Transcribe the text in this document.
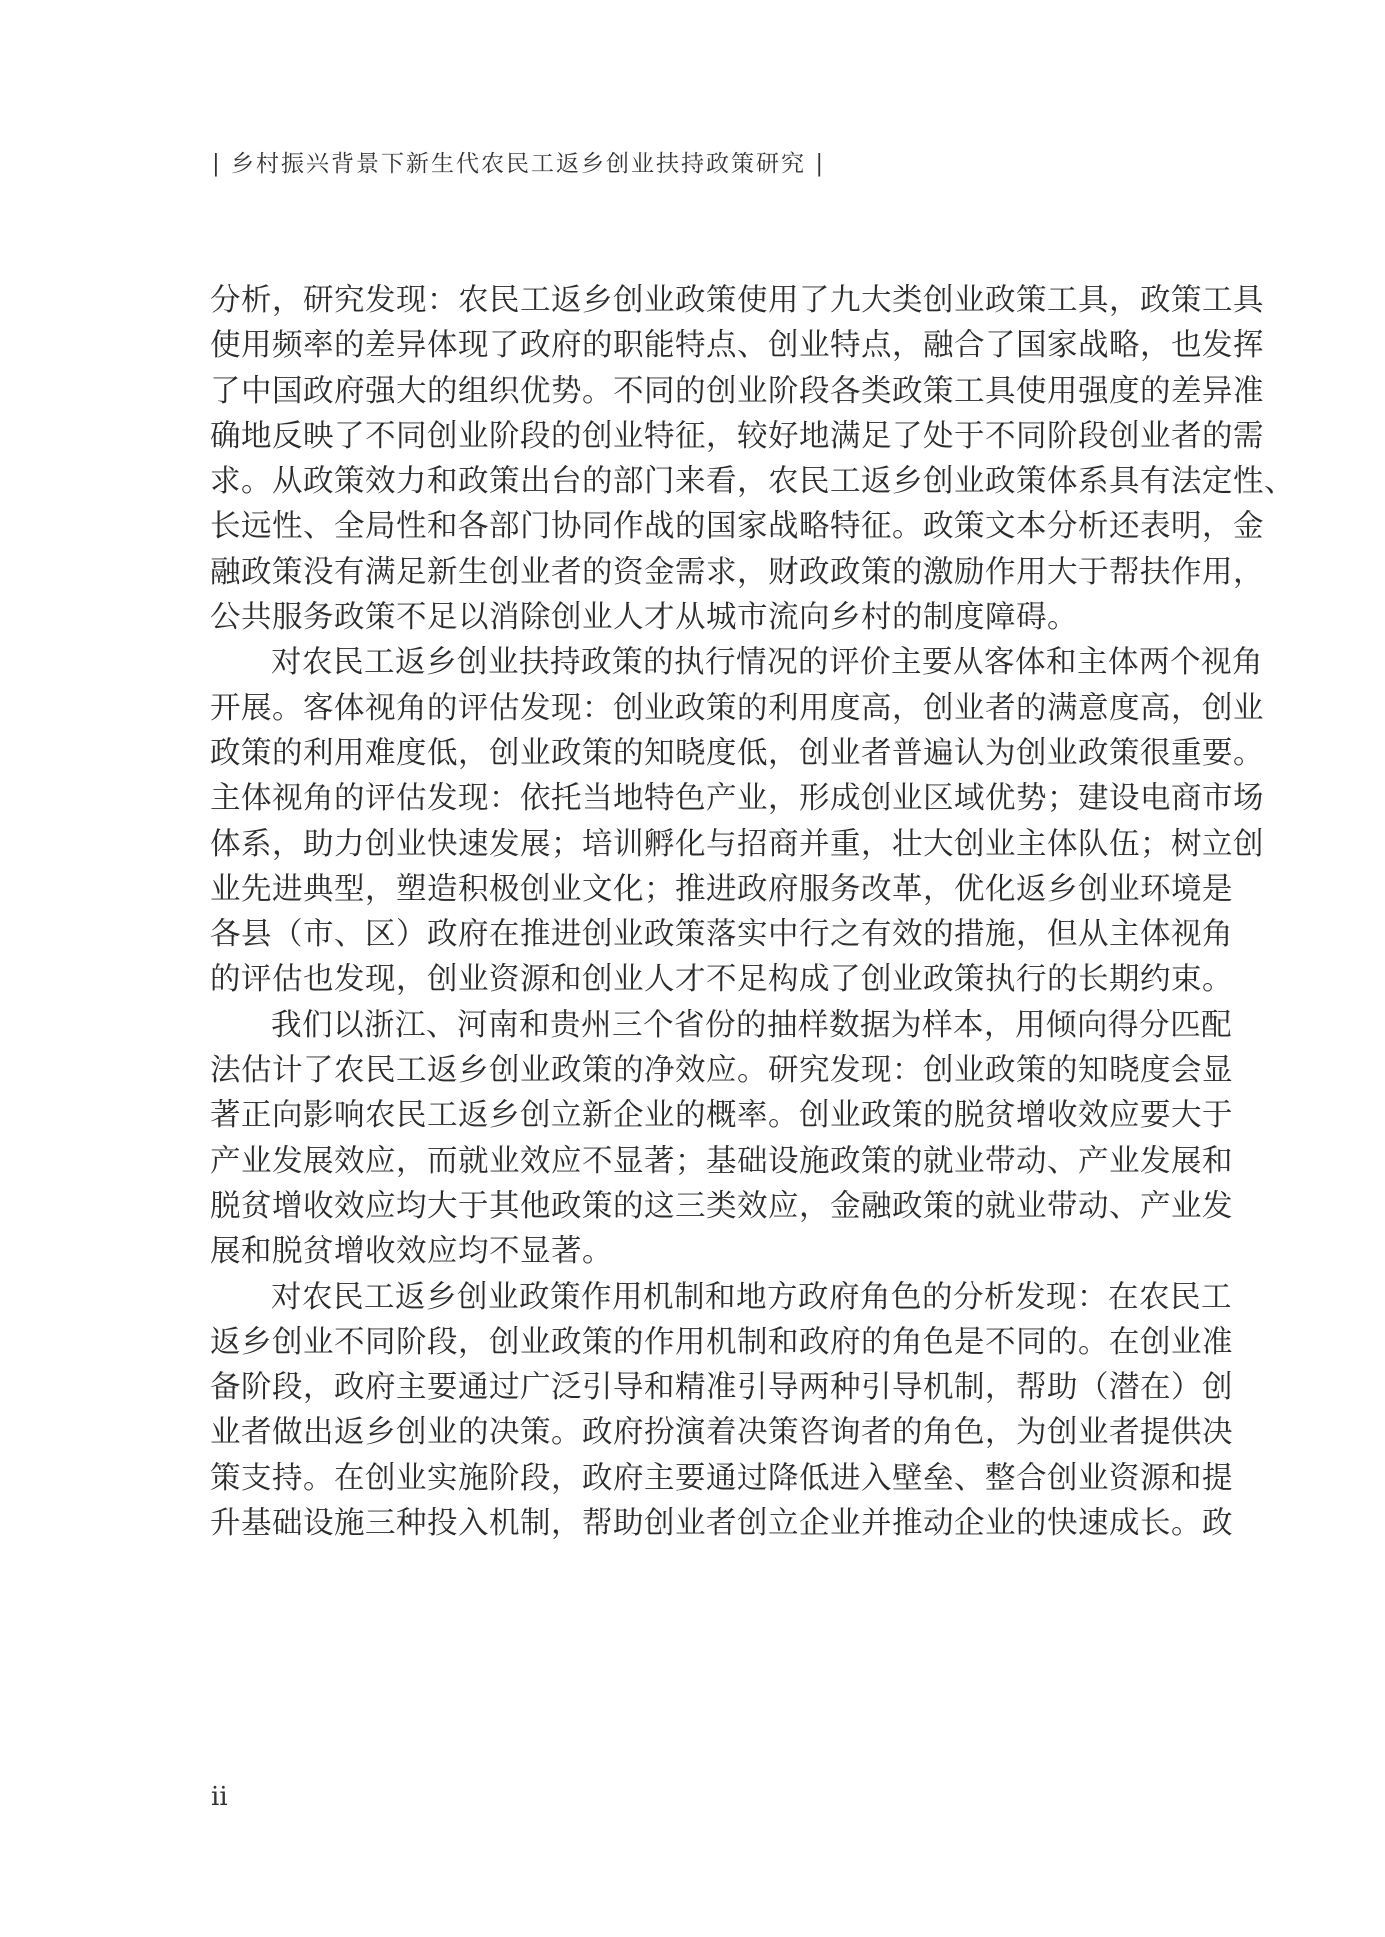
| 乡村振兴背景下新生代农民工返乡创业扶持政策研究 |
分析，研究发现：农民工返乡创业政策使用了九大类创业政策工具，政策工具
使用频率的差异体现了政府的职能特点、创业特点，融合了国家战略，也发挥
了中国政府强大的组织优势。不同的创业阶段各类政策工具使用强度的差异准
确地反映了不同创业阶段的创业特征，较好地满足了处于不同阶段创业者的需
求。从政策效力和政策出台的部门来看，农民工返乡创业政策体系具有法定性、
长远性、全局性和各部门协同作战的国家战略特征。政策文本分析还表明，金
融政策没有满足新生创业者的资金需求，财政政策的激励作用大于帮扶作用，
公共服务政策不足以消除创业人才从城市流向乡村的制度障碍。
对农民工返乡创业扶持政策的执行情况的评价主要从客体和主体两个视角
开展。客体视角的评估发现：创业政策的利用度高，创业者的满意度高，创业
政策的利用难度低，创业政策的知晓度低，创业者普遍认为创业政策很重要。
主体视角的评估发现：依托当地特色产业，形成创业区域优势；建设电商市场
体系，助力创业快速发展；培训孵化与招商并重，壮大创业主体队伍；树立创
业先进典型，塑造积极创业文化；推进政府服务改革，优化返乡创业环境是
各县（市、区）政府在推进创业政策落实中行之有效的措施，但从主体视角
的评估也发现，创业资源和创业人才不足构成了创业政策执行的长期约束。
我们以浙江、河南和贵州三个省份的抽样数据为样本，用倾向得分匹配
法估计了农民工返乡创业政策的净效应。研究发现：创业政策的知晓度会显
著正向影响农民工返乡创立新企业的概率。创业政策的脱贫增收效应要大于
产业发展效应，而就业效应不显著；基础设施政策的就业带动、产业发展和
脱贫增收效应均大于其他政策的这三类效应，金融政策的就业带动、产业发
展和脱贫增收效应均不显著。
对农民工返乡创业政策作用机制和地方政府角色的分析发现：在农民工
返乡创业不同阶段，创业政策的作用机制和政府的角色是不同的。在创业准
备阶段，政府主要通过广泛引导和精准引导两种引导机制，帮助（潜在）创
业者做出返乡创业的决策。政府扮演着决策咨询者的角色，为创业者提供决
策支持。在创业实施阶段，政府主要通过降低进入壁垒、整合创业资源和提
升基础设施三种投入机制，帮助创业者创立企业并推动企业的快速成长。政
ii
